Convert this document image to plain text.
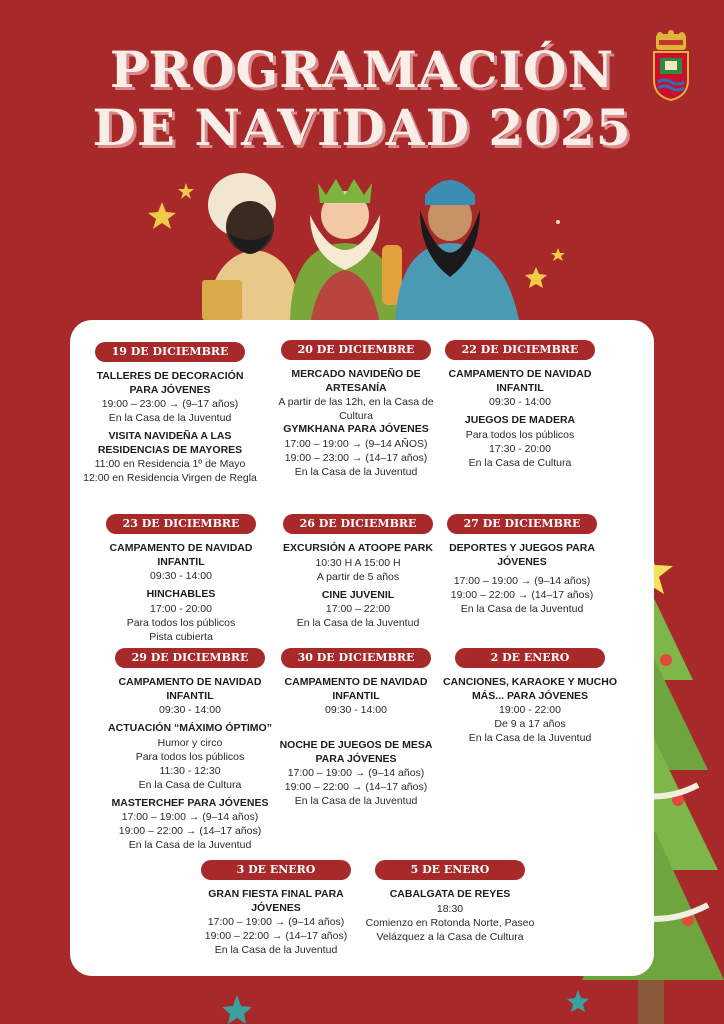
PROGRAMACIÓN
DE NAVIDAD 2025
19 DE DICIEMBRE
TALLERES DE DECORACIÓN PARA JÓVENES
19:00 – 23:00 → (9–17 años)
En la Casa de la Juventud
VISITA NAVIDEÑA A LAS RESIDENCIAS DE MAYORES
11:00 en Residencia 1º de Mayo
12:00 en Residencia Virgen de Regla
20 DE DICIEMBRE
MERCADO NAVIDEÑO DE ARTESANÍA
A partir de las 12h, en la Casa de Cultura
GYMKHANA PARA JÓVENES
17:00 – 19:00 → (9–14 AÑOS)
19:00 – 23:00 → (14–17 años)
En la Casa de la Juventud
22 DE DICIEMBRE
CAMPAMENTO DE NAVIDAD INFANTIL
09:30 - 14:00
JUEGOS DE MADERA
Para todos los públicos
17:30 - 20:00
En la Casa de Cultura
23 DE DICIEMBRE
CAMPAMENTO DE NAVIDAD INFANTIL
09:30 - 14:00
HINCHABLES
17:00 - 20:00
Para todos los públicos
Pista cubierta
26 DE DICIEMBRE
EXCURSIÓN A ATOOPE PARK
10:30 H A 15:00 H
A partir de 5 años
CINE JUVENIL
17:00 – 22:00
En la Casa de la Juventud
27 DE DICIEMBRE
DEPORTES Y JUEGOS PARA JÓVENES
17:00 – 19:00 → (9–14 años)
19:00 – 22:00 → (14–17 años)
En la Casa de la Juventud
29 DE DICIEMBRE
CAMPAMENTO DE NAVIDAD INFANTIL
09:30 - 14:00
ACTUACIÓN “MÁXIMO ÓPTIMO”
Humor y circo
Para todos los públicos
11:30 - 12:30
En la Casa de Cultura
MASTERCHEF PARA JÓVENES
17:00 – 19:00 → (9–14 años)
19:00 – 22:00 → (14–17 años)
En la Casa de la Juventud
30 DE DICIEMBRE
CAMPAMENTO DE NAVIDAD INFANTIL
09:30 - 14:00
NOCHE DE JUEGOS DE MESA PARA JÓVENES
17:00 – 19:00 → (9–14 años)
19:00 – 22:00 → (14–17 años)
En la Casa de la Juventud
2 DE ENERO
CANCIONES, KARAOKE Y MUCHO MÁS... PARA JÓVENES
19:00 - 22:00
De 9 a 17 años
En la Casa de la Juventud
3 DE ENERO
GRAN FIESTA FINAL PARA JÓVENES
17:00 – 19:00 → (9–14 años)
19:00 – 22:00 → (14–17 años)
En la Casa de la Juventud
5 DE ENERO
CABALGATA DE REYES
18:30
Comienzo en Rotonda Norte, Paseo Velázquez a la Casa de Cultura
